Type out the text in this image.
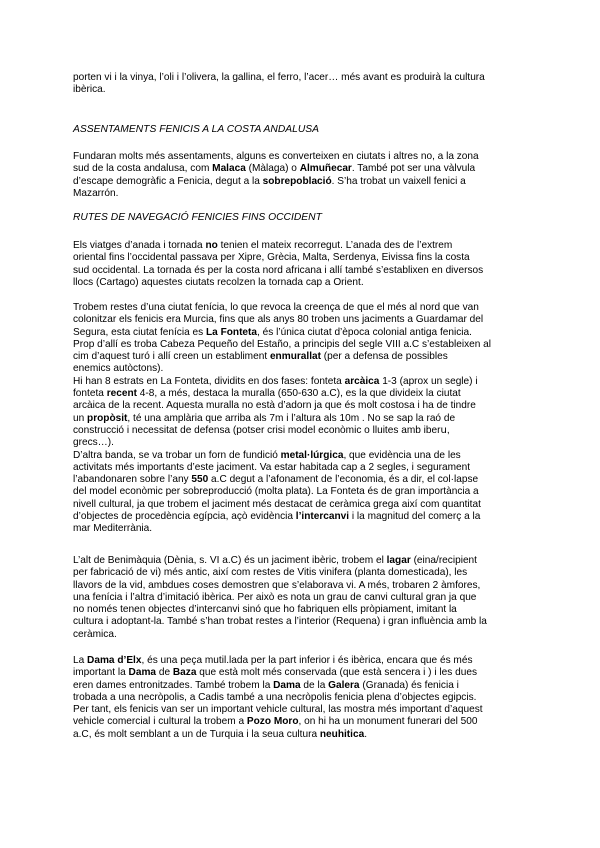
porten vi i la vinya, l’oli i l’olivera, la gallina, el ferro, l’acer… més avant es produirà la cultura
ibèrica.
ASSENTAMENTS FENICIS A LA COSTA ANDALUSA
Fundaran molts més assentaments, alguns es converteixen en ciutats i altres no, a la zona
sud de la costa andalusa, com Malaca (Màlaga) o Almuñecar. També pot ser una vàlvula
d’escape demogràfic a Fenicia, degut a la sobrepoblació. S’ha trobat un vaixell fenici a
Mazarrón.
RUTES DE NAVEGACIÓ FENICIES FINS OCCIDENT
Els viatges d’anada i tornada no tenien el mateix recorregut. L’anada des de l’extrem
oriental fins l’occidental passava per Xipre, Grècia, Malta, Serdenya, Eivissa fins la costa
sud occidental. La tornada és per la costa nord africana i allí també s’establixen en diversos
llocs (Cartago) aquestes ciutats recolzen la tornada cap a Orient.
Trobem restes d’una ciutat fenícia, lo que revoca la creença de que el més al nord que van
colonitzar els fenicis era Murcia, fins que als anys 80 troben uns jaciments a Guardamar del
Segura, esta ciutat fenícia es La Fonteta, és l’única ciutat d’època colonial antiga fenicia.
Prop d’allí es troba Cabeza Pequeño del Estaño, a principis del segle VIII a.C s’estableixen al
cim d’aquest turó i allí creen un establiment enmurallat (per a defensa de possibles
enemics autòctons).
Hi han 8 estrats en La Fonteta, dividits en dos fases: fonteta arcàica 1-3 (aprox un segle) i
fonteta recent 4-8, a més, destaca la muralla (650-630 a.C), es la que divideix la ciutat
arcàica de la recent. Aquesta muralla no està d’adorn ja que és molt costosa i ha de tindre
un propòsit, té una amplària que arriba als 7m i l’altura als 10m . No se sap la raó de
construcció i necessitat de defensa (potser crisi model econòmic o lluites amb iberս,
grecs…).
D’altra banda, se va trobar un forn de fundició metal·lúrgica, que evidència una de les
activitats més importants d’este jaciment. Va estar habitada cap a 2 segles, i segurament
l’abandonaren sobre l’any 550 a.C degut a l’afonament de l’economia, és a dir, el col·lapse
del model econòmic per sobreproducció (molta plata). La Fonteta és de gran importància a
nivell cultural, ja que trobem el jaciment més destacat de ceràmica grega així com quantitat
d’objectes de procedència egípcia, açò evidència l’intercanvi i la magnitud del comerç a la
mar Mediterrània.
L’alt de Benimàquia (Dènia, s. VI a.C) és un jaciment ibèric, trobem el lagar (eina/recipient
per fabricació de vi) més antic, així com restes de Vitis vinifera (planta domesticada), les
llavors de la vid, ambdues coses demostren que s’elaborava vi. A més, trobaren 2 àmfores,
una fenícia i l’altra d’imitació ibèrica. Per això es nota un grau de canvi cultural gran ja que
no només tenen objectes d’intercanvi sinó que ho fabriquen ells pròpiament, imitant la
cultura i adoptant-la. També s’han trobat restes a l’interior (Requena) i gran influència amb la
ceràmica.
La Dama d’Elx, és una peça mutil.lada per la part inferior i és ibèrica, encara que és més
important la Dama de Baza que està molt més conservada (que està sencera i ) i les dues
eren dames entronitzades. També trobem la Dama de la Galera (Granada) és fenicia i
trobada a una necròpolis, a Cadis també a una necròpolis fenicia plena d’objectes egipcis.
Per tant, els fenicis van ser un important vehicle cultural, las mostra més important d’aquest
vehicle comercial i cultural la trobem a Pozo Moro, on hi ha un monument funerari del 500
a.C, és molt semblant a un de Turquia i la seua cultura neuhitica.
